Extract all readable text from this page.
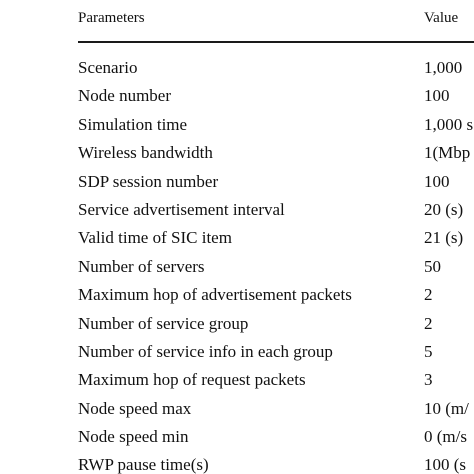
Parameters	Value
Scenario	1,000
Node number	100
Simulation time	1,000 s
Wireless bandwidth	1(Mbp
SDP session number	100
Service advertisement interval	20 (s)
Valid time of SIC item	21 (s)
Number of servers	50
Maximum hop of advertisement packets	2
Number of service group	2
Number of service info in each group	5
Maximum hop of request packets	3
Node speed max	10 (m/
Node speed min	0 (m/s
RWP pause time(s)	100 (s
